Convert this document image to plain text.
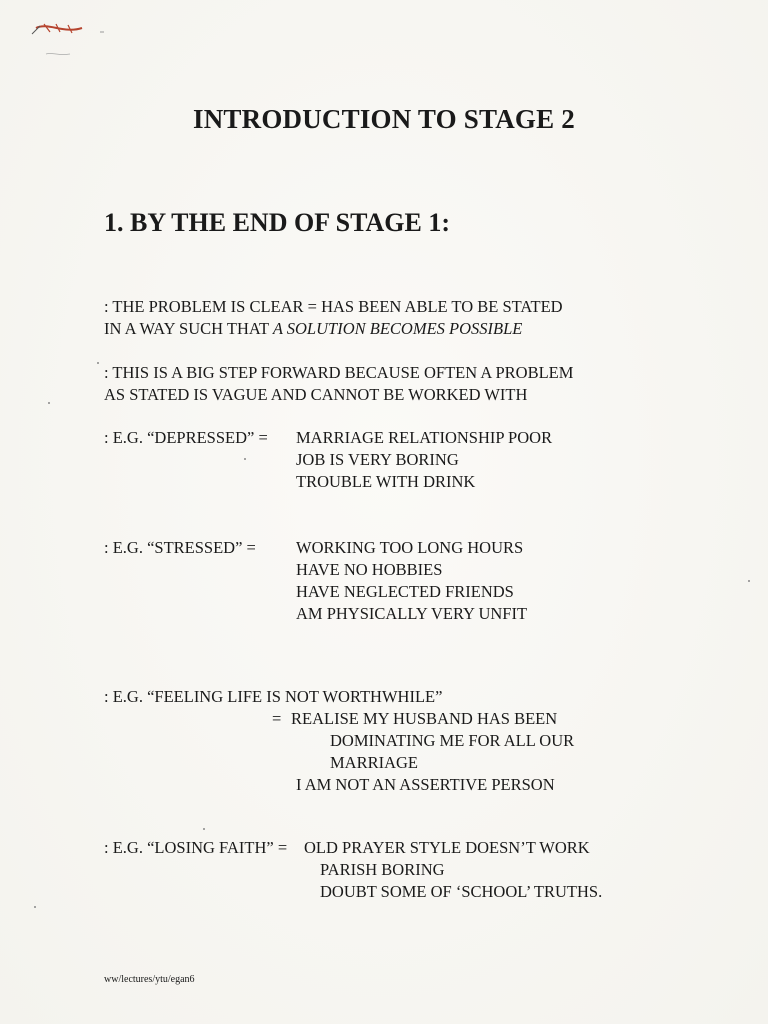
INTRODUCTION TO STAGE 2
1. BY THE END OF STAGE 1:
: THE PROBLEM IS CLEAR = HAS BEEN ABLE TO BE STATED
IN A WAY SUCH THAT A SOLUTION BECOMES POSSIBLE
: THIS IS A BIG STEP FORWARD BECAUSE OFTEN A PROBLEM
AS STATED IS VAGUE AND CANNOT BE WORKED WITH
: E.G. “DEPRESSED” = MARRIAGE RELATIONSHIP POOR
JOB IS VERY BORING
TROUBLE WITH DRINK
: E.G. “STRESSED” = WORKING TOO LONG HOURS
HAVE NO HOBBIES
HAVE NEGLECTED FRIENDS
AM PHYSICALLY VERY UNFIT
: E.G. “FEELING LIFE IS NOT WORTHWHILE”
= REALISE MY HUSBAND HAS BEEN
DOMINATING ME FOR ALL OUR
MARRIAGE
I AM NOT AN ASSERTIVE PERSON
: E.G. “LOSING FAITH” = OLD PRAYER STYLE DOESN’T WORK
PARISH BORING
DOUBT SOME OF ‘SCHOOL’ TRUTHS.
ww/lectures/ytu/egan6
